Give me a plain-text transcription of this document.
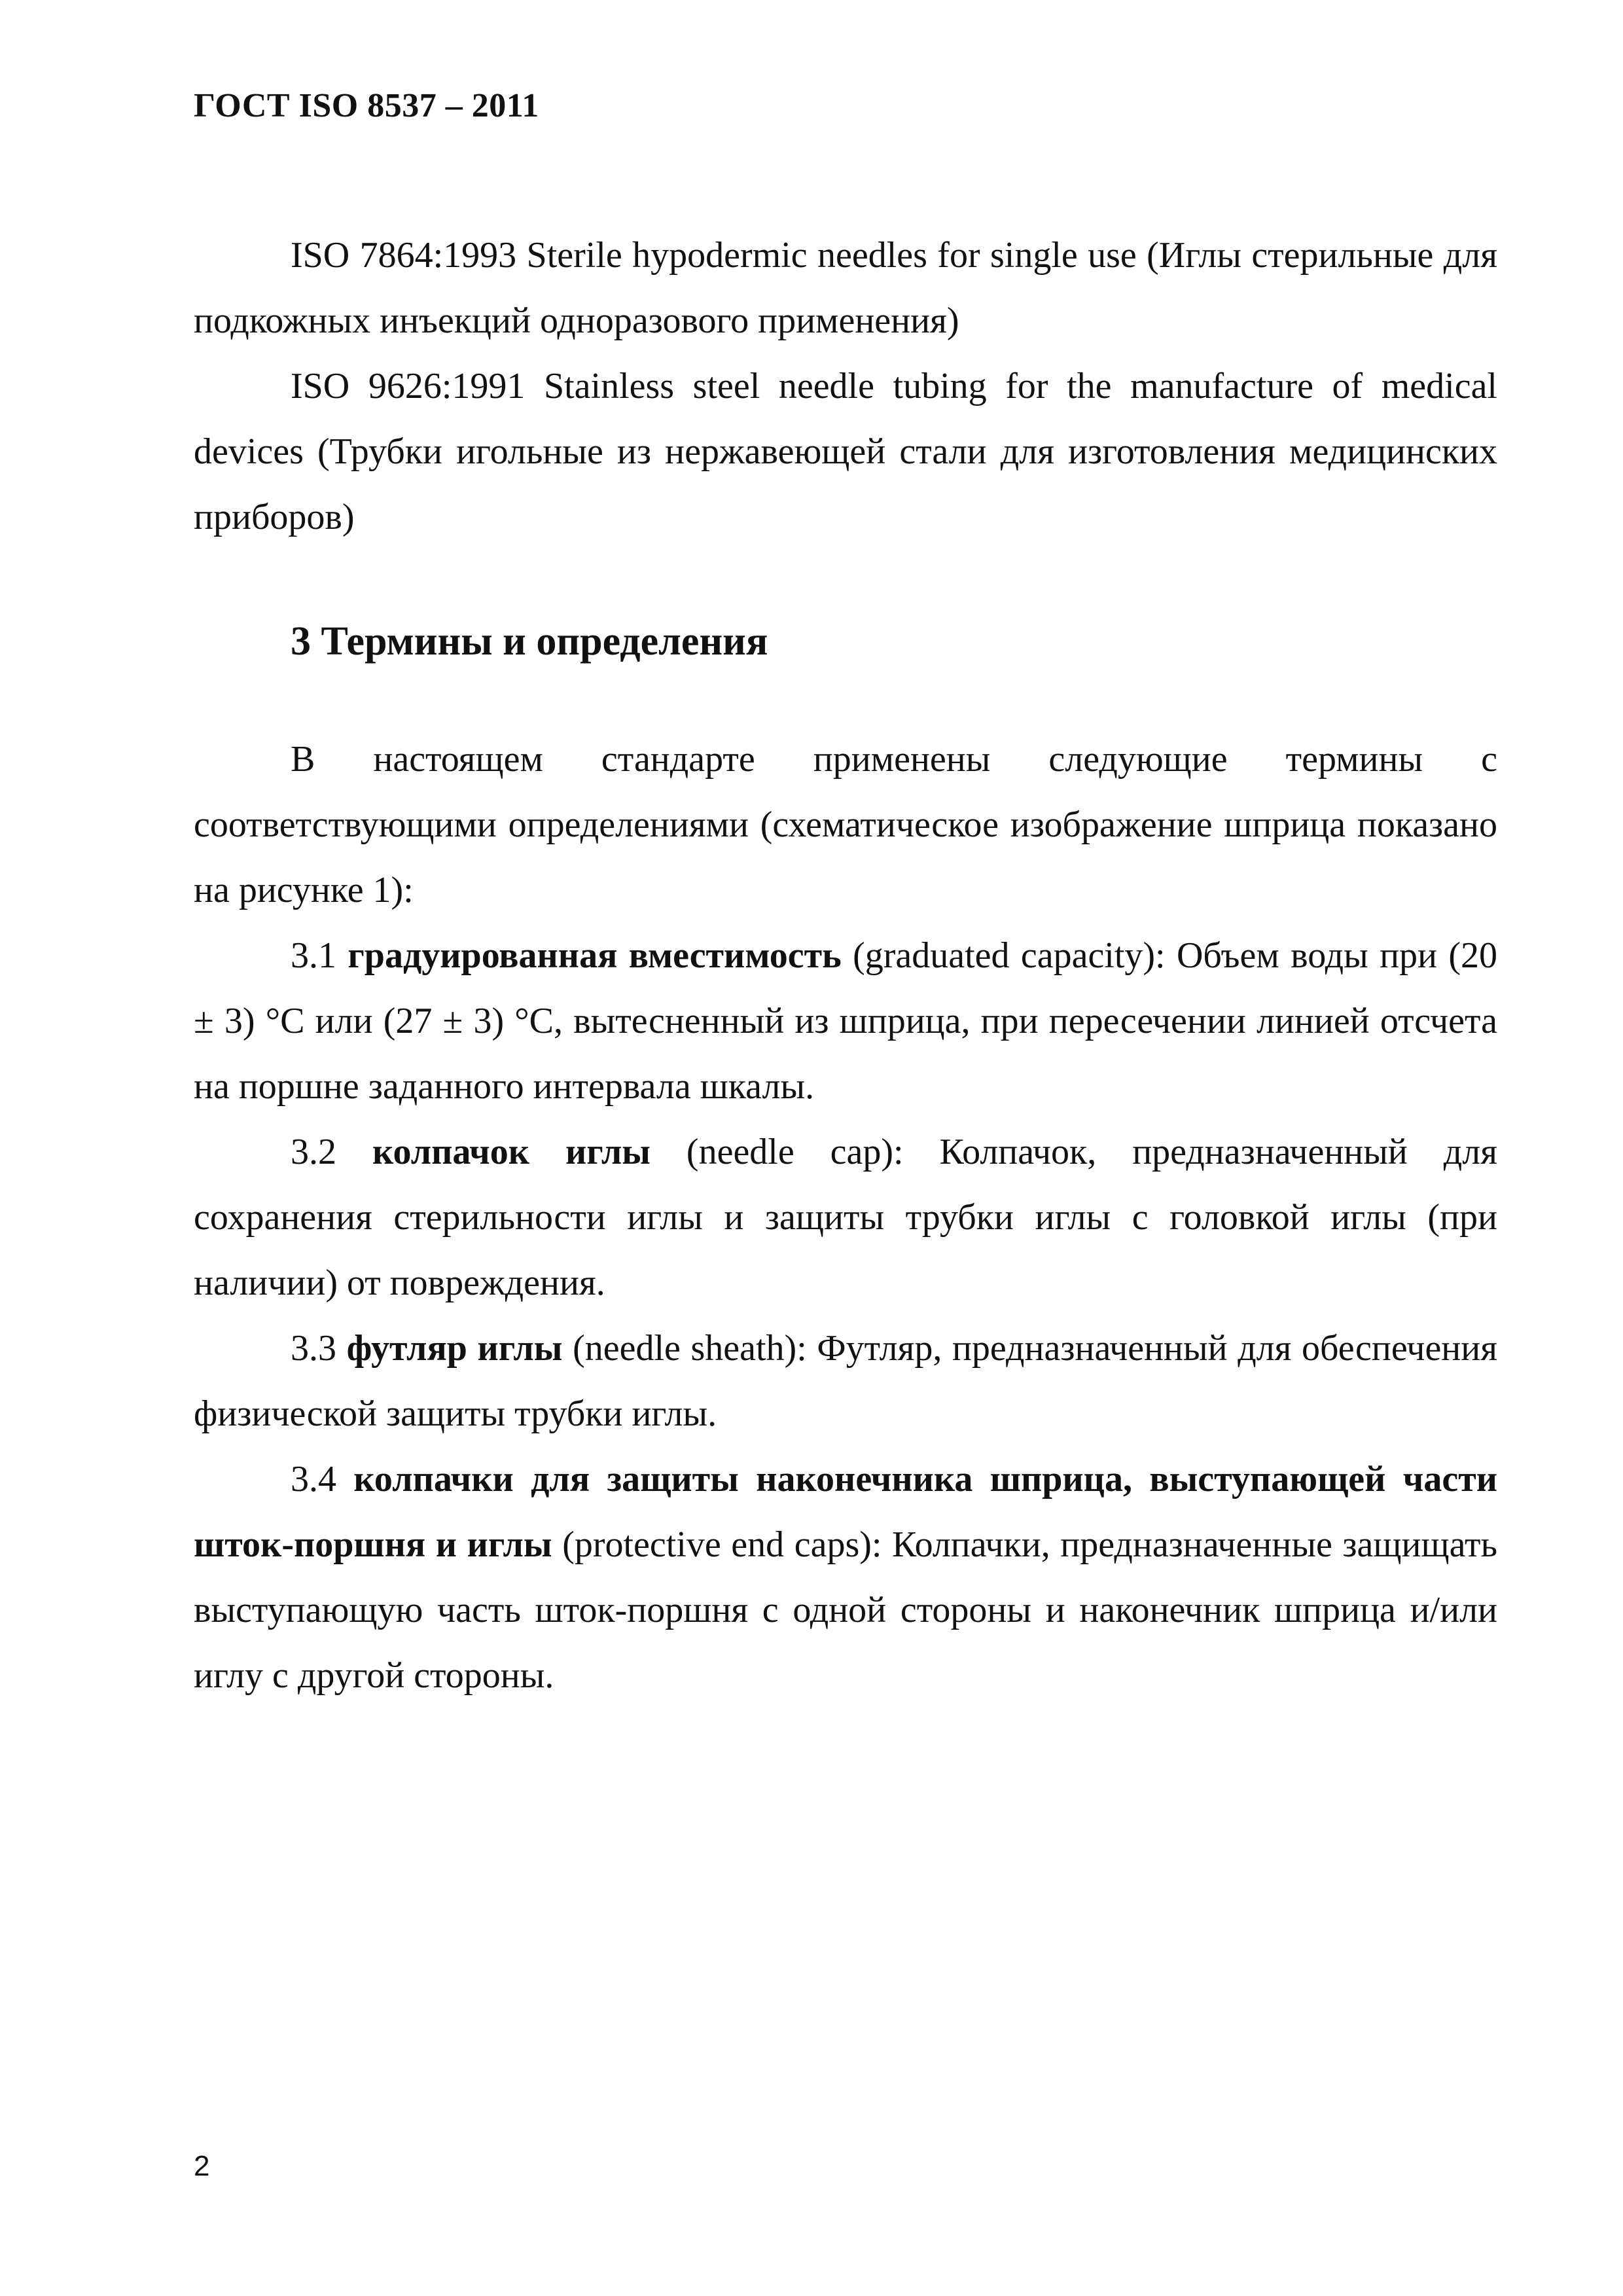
ГОСТ ISO 8537 – 2011

ISO 7864:1993 Sterile hypodermic needles for single use (Иглы стерильные для подкожных инъекций одноразового применения)

ISO 9626:1991 Stainless steel needle tubing for the manufacture of medical devices (Трубки игольные из нержавеющей стали для изготовления медицинских приборов)

3 Термины и определения

В настоящем стандарте применены следующие термины с соответствующими определениями (схематическое изображение шприца показано на рисунке 1):

3.1 градуированная вместимость (graduated capacity): Объем воды при (20 ± 3) °С или (27 ± 3) °С, вытесненный из шприца, при пересечении линией отсчета на поршне заданного интервала шкалы.

3.2 колпачок иглы (needle cap): Колпачок, предназначенный для сохранения стерильности иглы и защиты трубки иглы с головкой иглы (при наличии) от повреждения.

3.3 футляр иглы (needle sheath): Футляр, предназначенный для обеспечения физической защиты трубки иглы.

3.4 колпачки для защиты наконечника шприца, выступающей части шток-поршня и иглы (protective end caps): Колпачки, предназначенные защищать выступающую часть шток-поршня с одной стороны и наконечник шприца и/или иглу с другой стороны.

2
